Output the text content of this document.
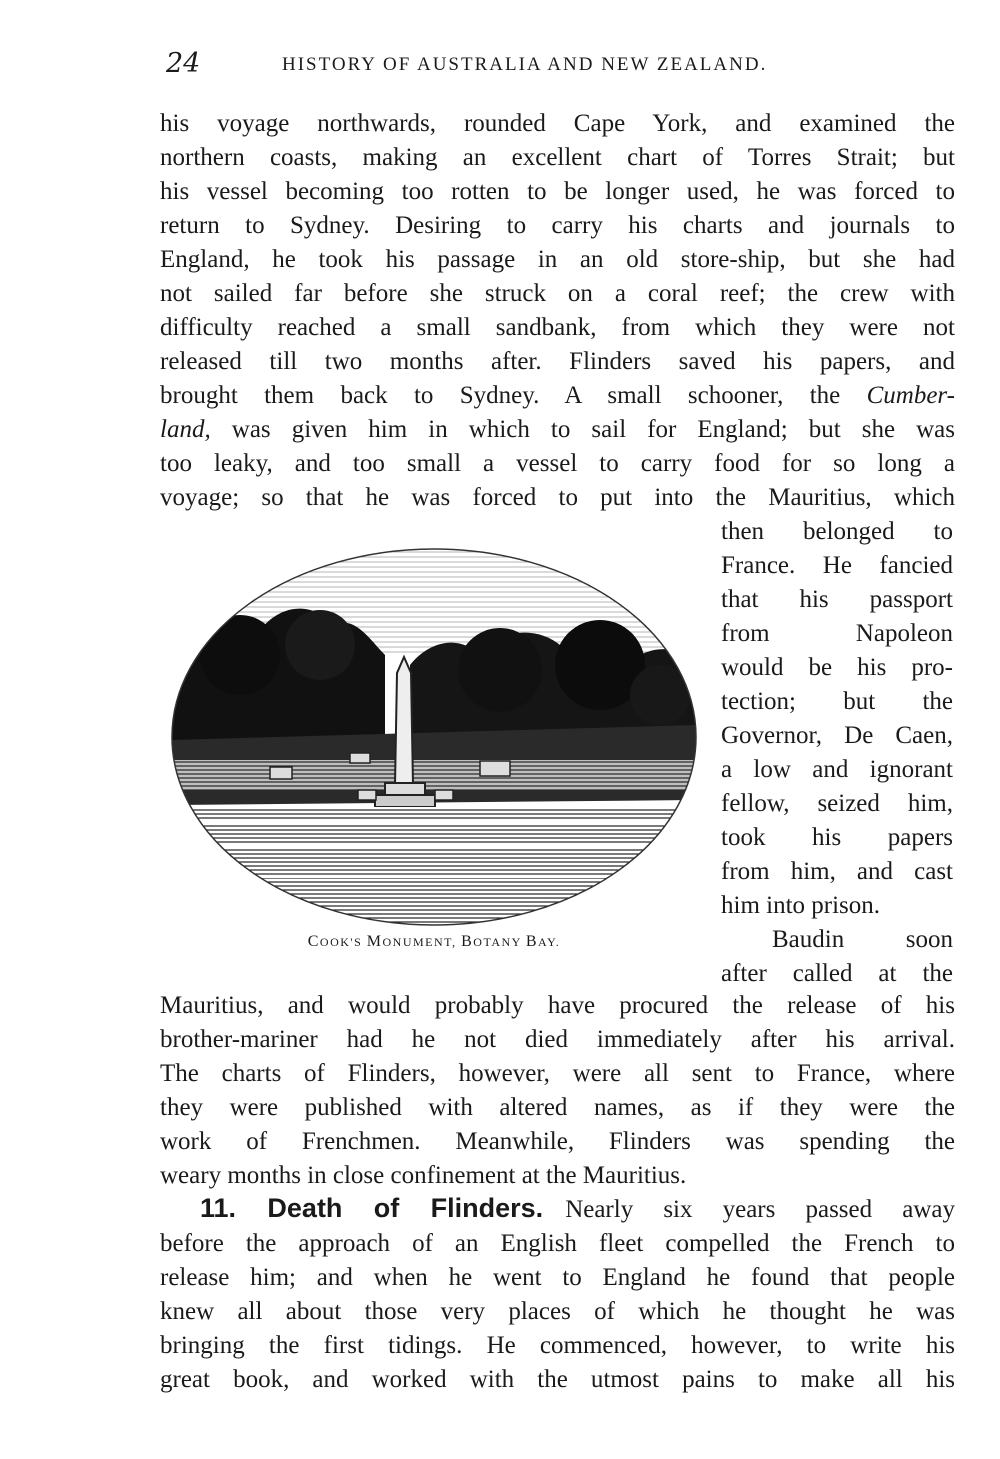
24	HISTORY OF AUSTRALIA AND NEW ZEALAND.
his voyage northwards, rounded Cape York, and examined the
northern coasts, making an excellent chart of Torres Strait; but
his vessel becoming too rotten to be longer used, he was forced to
return to Sydney. Desiring to carry his charts and journals to
England, he took his passage in an old store-ship, but she had
not sailed far before she struck on a coral reef; the crew with
difficulty reached a small sandbank, from which they were not
released till two months after. Flinders saved his papers, and
brought them back to Sydney. A small schooner, the Cumber-
land, was given him in which to sail for England; but she was
too leaky, and too small a vessel to carry food for so long a
voyage; so that he was forced to put into the Mauritius, which
then belonged to
France. He fancied
that his passport
from Napoleon
would be his pro-
tection; but the
Governor, De Caen,
a low and ignorant
fellow, seized him,
took his papers
from him, and cast
him into prison.
Baudin soon
after called at the
COOK'S MONUMENT, BOTANY BAY.
Mauritius, and would probably have procured the release of his
brother-mariner had he not died immediately after his arrival.
The charts of Flinders, however, were all sent to France, where
they were published with altered names, as if they were the
work of Frenchmen. Meanwhile, Flinders was spending the
weary months in close confinement at the Mauritius.
11. Death of Flinders. Nearly six years passed away
before the approach of an English fleet compelled the French to
release him; and when he went to England he found that people
knew all about those very places of which he thought he was
bringing the first tidings. He commenced, however, to write his
great book, and worked with the utmost pains to make all his
